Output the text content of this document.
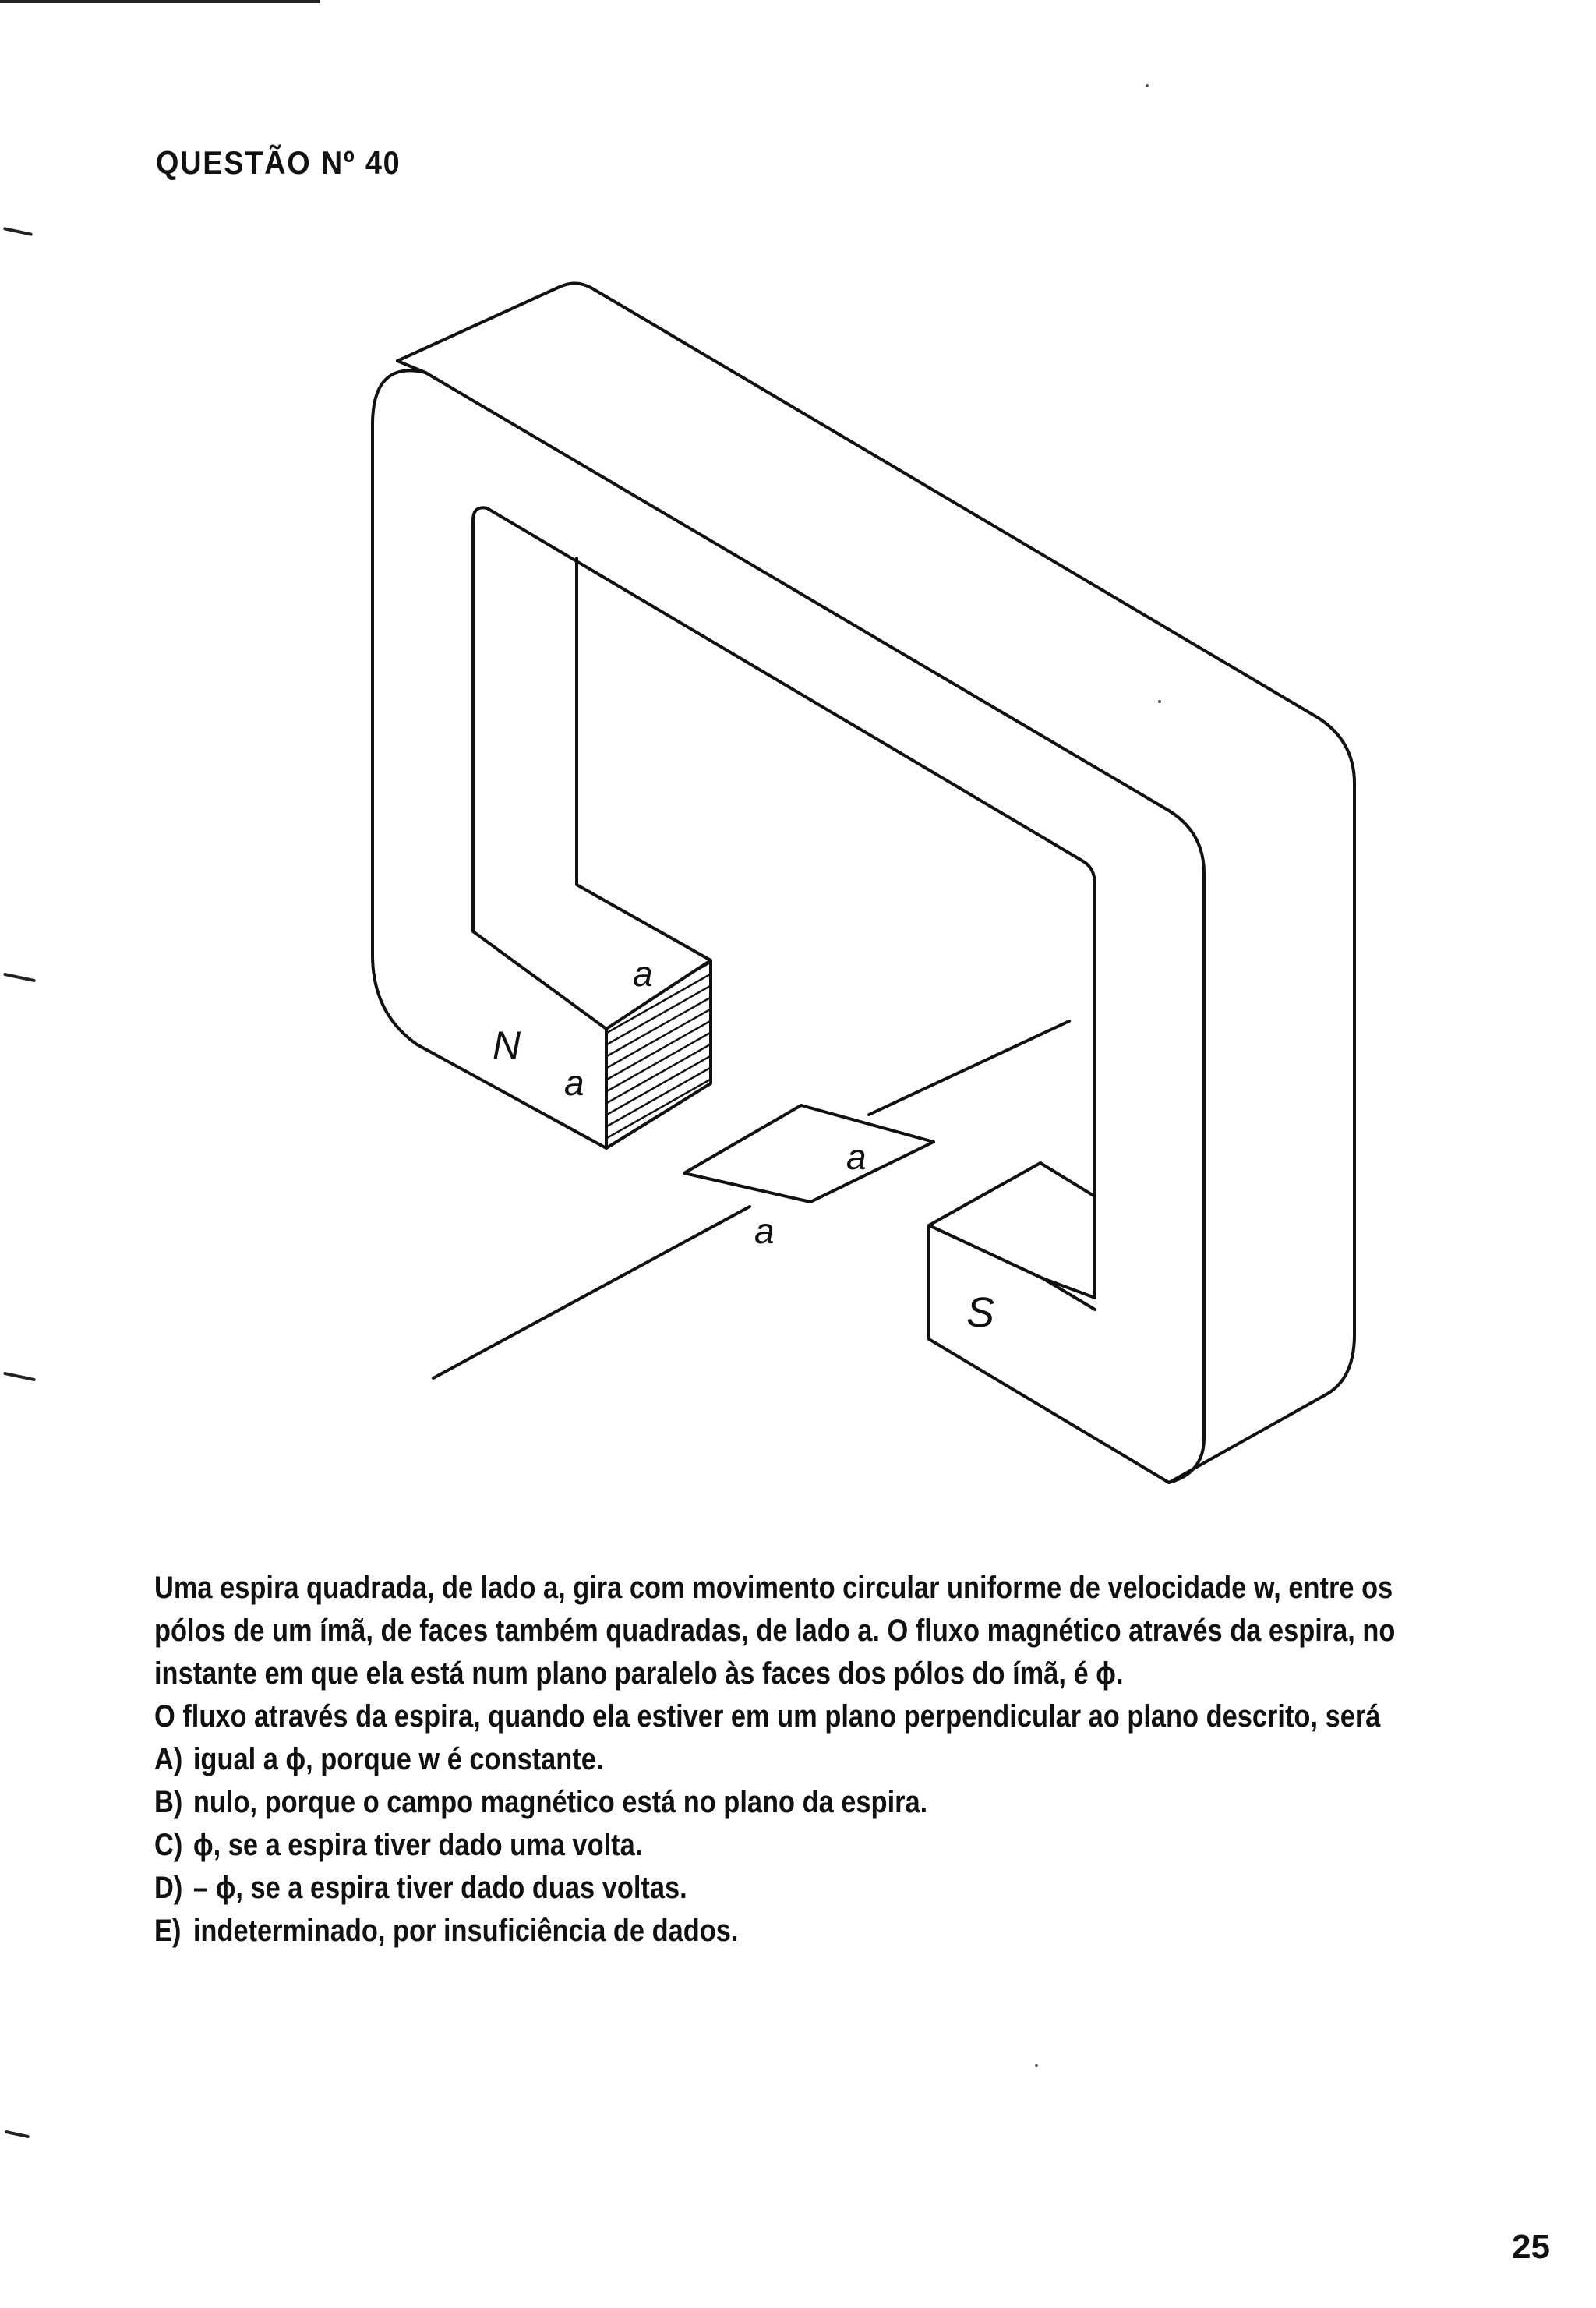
QUESTÃO Nº 40
N
S
a
a
a
a

Uma espira quadrada, de lado a, gira com movimento circular uniforme de velocidade w, entre os

pólos de um ímã, de faces também quadradas, de lado a. O fluxo magnético através da espira, no

instante em que ela está num plano paralelo às faces dos pólos do ímã, é ϕ.

O fluxo através da espira, quando ela estiver em um plano perpendicular ao plano descrito, será

A) igual a ϕ, porque w é constante.
B) nulo, porque o campo magnético está no plano da espira.
C) ϕ, se a espira tiver dado uma volta.
D) – ϕ, se a espira tiver dado duas voltas.
E) indeterminado, por insuficiência de dados.
25
